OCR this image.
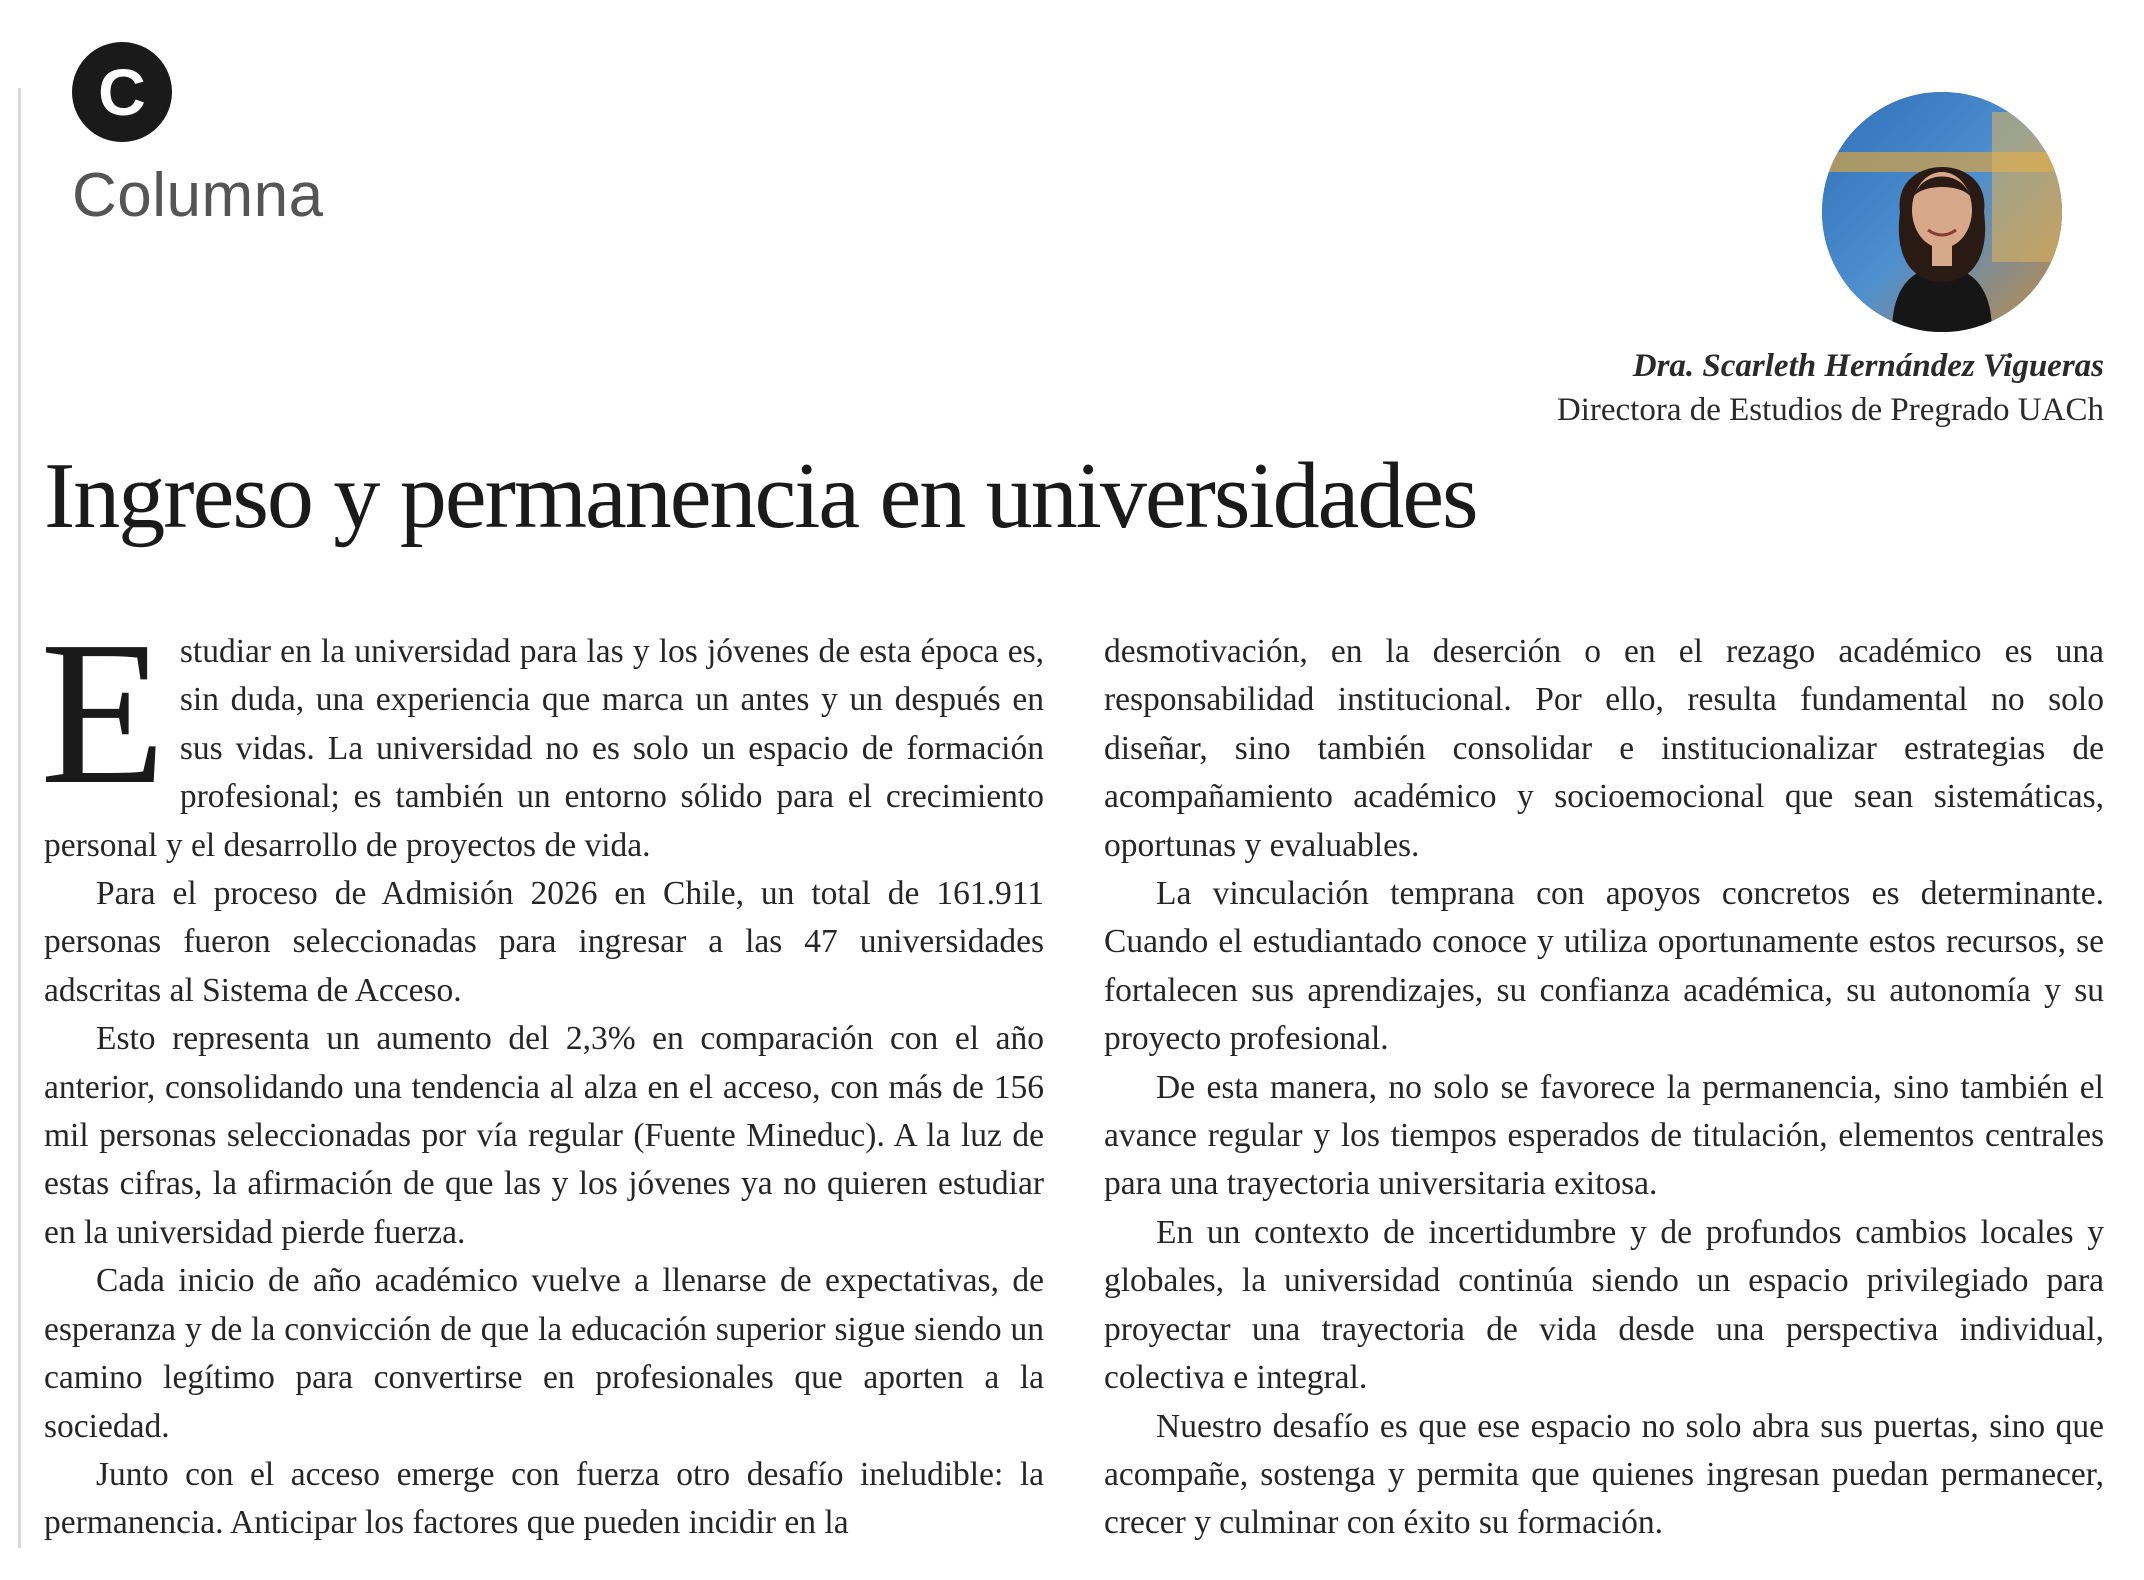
C
Columna
Dra. Scarleth Hernández Vigueras
Directora de Estudios de Pregrado UACh
Ingreso y permanencia en universidades

Estudiar en la universidad para las y los jóvenes de esta época es, sin duda, una experiencia que marca un antes y un después en sus vidas. La universidad no es solo un espacio de formación profesional; es también un entorno sólido para el crecimiento personal y el desarrollo de proyectos de vida.

Para el proceso de Admisión 2026 en Chile, un total de 161.911 personas fueron seleccionadas para ingresar a las 47 universidades adscritas al Sistema de Acceso.

Esto representa un aumento del 2,3% en comparación con el año anterior, consolidando una tendencia al alza en el acceso, con más de 156 mil personas seleccionadas por vía regular (Fuente Mineduc). A la luz de estas cifras, la afirmación de que las y los jóvenes ya no quieren estudiar en la universidad pierde fuerza.

Cada inicio de año académico vuelve a llenarse de expectativas, de esperanza y de la convicción de que la educación superior sigue siendo un camino legítimo para convertirse en profesionales que aporten a la sociedad.

Junto con el acceso emerge con fuerza otro desafío ineludible: la permanencia. Anticipar los factores que pueden incidir en la

desmotivación, en la deserción o en el rezago académico es una responsabilidad institucional. Por ello, resulta fundamental no solo diseñar, sino también consolidar e institucionalizar estrategias de acompañamiento académico y socioemocional que sean sistemáticas, oportunas y evaluables.

La vinculación temprana con apoyos concretos es determinante. Cuando el estudiantado conoce y utiliza oportunamente estos recursos, se fortalecen sus aprendizajes, su confianza académica, su autonomía y su proyecto profesional.

De esta manera, no solo se favorece la permanencia, sino también el avance regular y los tiempos esperados de titulación, elementos centrales para una trayectoria universitaria exitosa.

En un contexto de incertidumbre y de profundos cambios locales y globales, la universidad continúa siendo un espacio privilegiado para proyectar una trayectoria de vida desde una perspectiva individual, colectiva e integral.

Nuestro desafío es que ese espacio no solo abra sus puertas, sino que acompañe, sostenga y permita que quienes ingresan puedan permanecer, crecer y culminar con éxito su formación.
